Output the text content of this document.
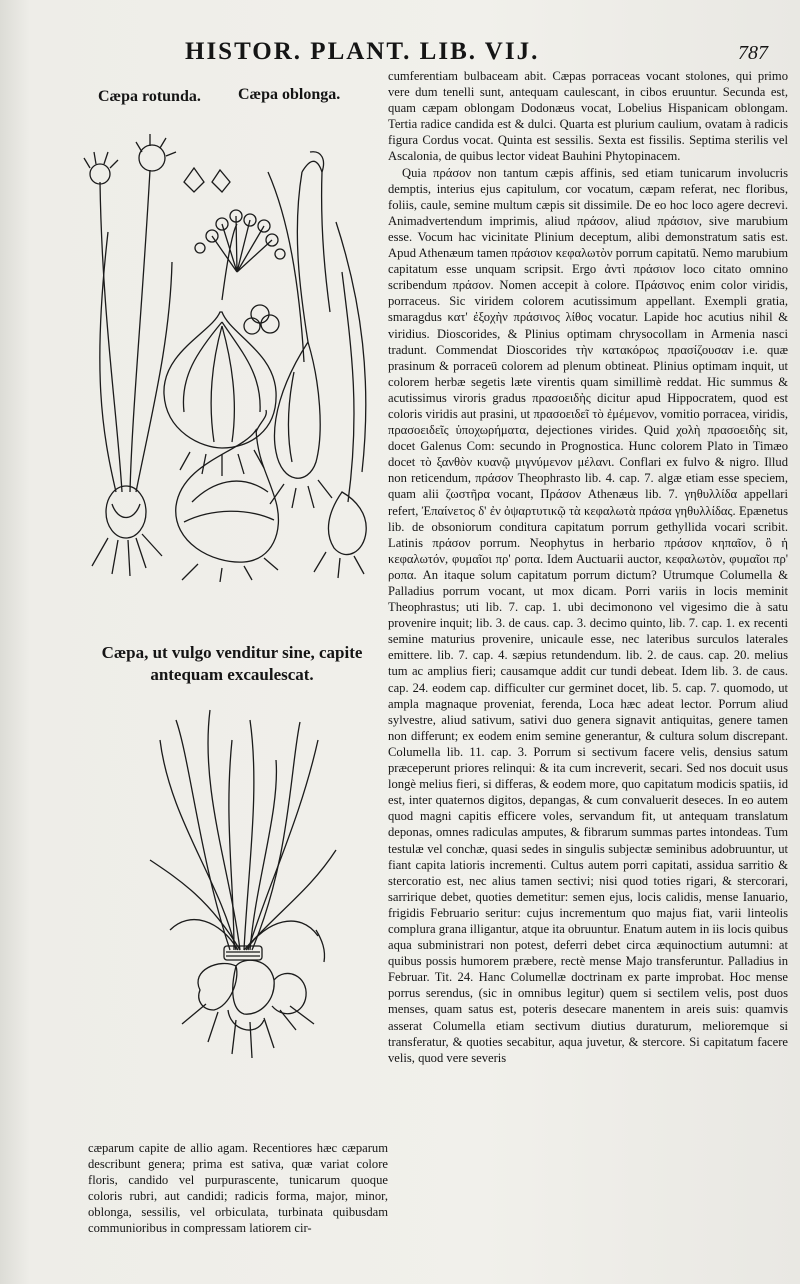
HISTOR. PLANT. LIB. VIJ.	787
Cæpa rotunda. Cæpa oblonga.
Cæpa, ut vulgo venditur sine, capite antequam excaulescat.

cumferentiam bulbaceam abit. Cæpas porraceas vocant stolones, qui primo vere dum tenelli sunt, antequam caulescant, in cibos eruuntur. Secunda est, quam cæpam oblongam Dodonæus vocat, Lobelius Hispanicam oblongam. Tertia radice candida est & dulci. Quarta est plurium caulium, ovatam à radicis figura Cordus vocat. Quinta est sessilis. Sexta est fissilis. Septima sterilis vel Ascalonia, de quibus lector videat Bauhini Phytopinacem.

Quia πράσον non tantum cæpis affinis, sed etiam tunicarum involucris demptis, interius ejus capitulum, cor vocatum, cæpam referat, nec floribus, foliis, caule, semine multum cæpis sit dissimile. De eo hoc loco agere decrevi. Animadvertendum imprimis, aliud πράσον, aliud πράσιον, sive marubium esse. Vocum hac vicinitate Plinium deceptum, alibi demonstratum satis est. Apud Athenæum tamen πράσιον κεφαλωτὸν porrum capitatū. Nemo marubium capitatum esse unquam scripsit. Ergo ἀντὶ πράσιον loco citato omnino scribendum πράσον. Nomen accepit à colore. Πράσινος enim color viridis, porraceus. Sic viridem colorem acutissimum appellant. Exempli gratia, smaragdus κατ' ἐξοχὴν πράσινος λίθος vocatur. Lapide hoc acutius nihil & viridius. Dioscorides, & Plinius optimam chrysocollam in Armenia nasci tradunt. Commendat Dioscorides τὴν κατακόρως πρασίζουσαν i.e. quæ prasinum & porraceū colorem ad plenum obtineat. Plinius optimam inquit, ut colorem herbæ segetis læte virentis quam simillimè reddat. Hic summus & acutissimus viroris gradus πρασοειδὴς dicitur apud Hippocratem, quod est coloris viridis aut prasini, ut πρασοειδεῖ τὸ ἐμέμενον, vomitio porracea, viridis, πρασοειδεῖς ὑποχωρήματα, dejectiones virides. Quid χολὴ πρασοειδὴς sit, docet Galenus Com: secundo in Prognostica. Hunc colorem Plato in Timæo docet τὸ ξανθὸν κυανῷ μιγνύμενον μέλανι. Conflari ex fulvo & nigro. Illud non reticendum, πράσον Theophrasto lib. 4. cap. 7. algæ etiam esse speciem, quam alii ζωστῆρα vocant, Πράσον Athenæus lib. 7. γηθυλλίδα appellari refert, Ἐπαίνετος δ' ἐν ὀψαρτυτικῷ τὰ κεφαλωτὰ πράσα γηθυλλίδας. Epænetus lib. de obsoniorum conditura capitatum porrum gethyllida vocari scribit. Latinis πράσον porrum. Neophytus in herbario πράσον κηπαῖον, ὃ ἡ κεφαλωτόν, φυμαῖοι πρ' ροπα. Idem Auctuarii auctor, κεφαλωτὸν, φυμαῖοι πρ' ροπα. An itaque solum capitatum porrum dictum? Utrumque Columella & Palladius porrum vocant, ut mox dicam. Porri variis in locis meminit Theophrastus; uti lib. 7. cap. 1. ubi decimonono vel vigesimo die à satu provenire inquit; lib. 3. de caus. cap. 3. decimo quinto, lib. 7. cap. 1. ex recenti semine maturius provenire, unicaule esse, nec lateribus surculos laterales emittere. lib. 7. cap. 4. sæpius retundendum. lib. 2. de caus. cap. 20. melius tum ac amplius fieri; causamque addit cur tundi debeat. Idem lib. 3. de caus. cap. 24. eodem cap. difficulter cur germinet docet, lib. 5. cap. 7. quomodo, ut ampla magnaque proveniat, ferenda, Loca hæc adeat lector. Porrum aliud sylvestre, aliud sativum, sativi duo genera signavit antiquitas, genere tamen non differunt; ex eodem enim semine generantur, & cultura solum discrepant. Columella lib. 11. cap. 3. Porrum si sectivum facere velis, densius satum præceperunt priores relinqui: & ita cum increverit, secari. Sed nos docuit usus longè melius fieri, si differas, & eodem more, quo capitatum modicis spatiis, id est, inter quaternos digitos, depangas, & cum convaluerit deseces. In eo autem quod magni capitis efficere voles, servandum fit, ut antequam translatum deponas, omnes radiculas amputes, & fibrarum summas partes intondeas. Tum testulæ vel conchæ, quasi sedes in singulis subjectæ seminibus adobruuntur, ut fiant capita latioris incrementi. Cultus autem porri capitati, assidua sarritio & stercoratio est, nec alius tamen sectivi; nisi quod toties rigari, & stercorari, sarririque debet, quoties demetitur: semen ejus, locis calidis, mense Ianuario, frigidis Februario seritur: cujus incrementum quo majus fiat, varii linteolis complura grana illigantur, atque ita obruuntur. Enatum autem in iis locis quibus aqua subministrari non potest, deferri debet circa æquinoctium autumni: at quibus possis humorem præbere, rectè mense Majo transferuntur. Palladius in Februar. Tit. 24. Hanc Columellæ doctrinam ex parte improbat. Hoc mense porrus serendus, (sic in omnibus legitur) quem si sectilem velis, post duos menses, quam satus est, poteris desecare manentem in areis suis: quamvis asserat Columella etiam sectivum diutius duraturum, melioremque si transferatur, & quoties secabitur, aqua juvetur, & stercore. Si capitatum facere velis, quod vere severis

cæparum capite de allio agam. Recentiores hæc cæparum describunt genera; prima est sativa, quæ variat colore floris, candido vel purpurascente, tunicarum quoque coloris rubri, aut candidi; radicis forma, major, minor, oblonga, sessilis, vel orbiculata, turbinata quibusdam communioribus in compressam latiorem cir-
